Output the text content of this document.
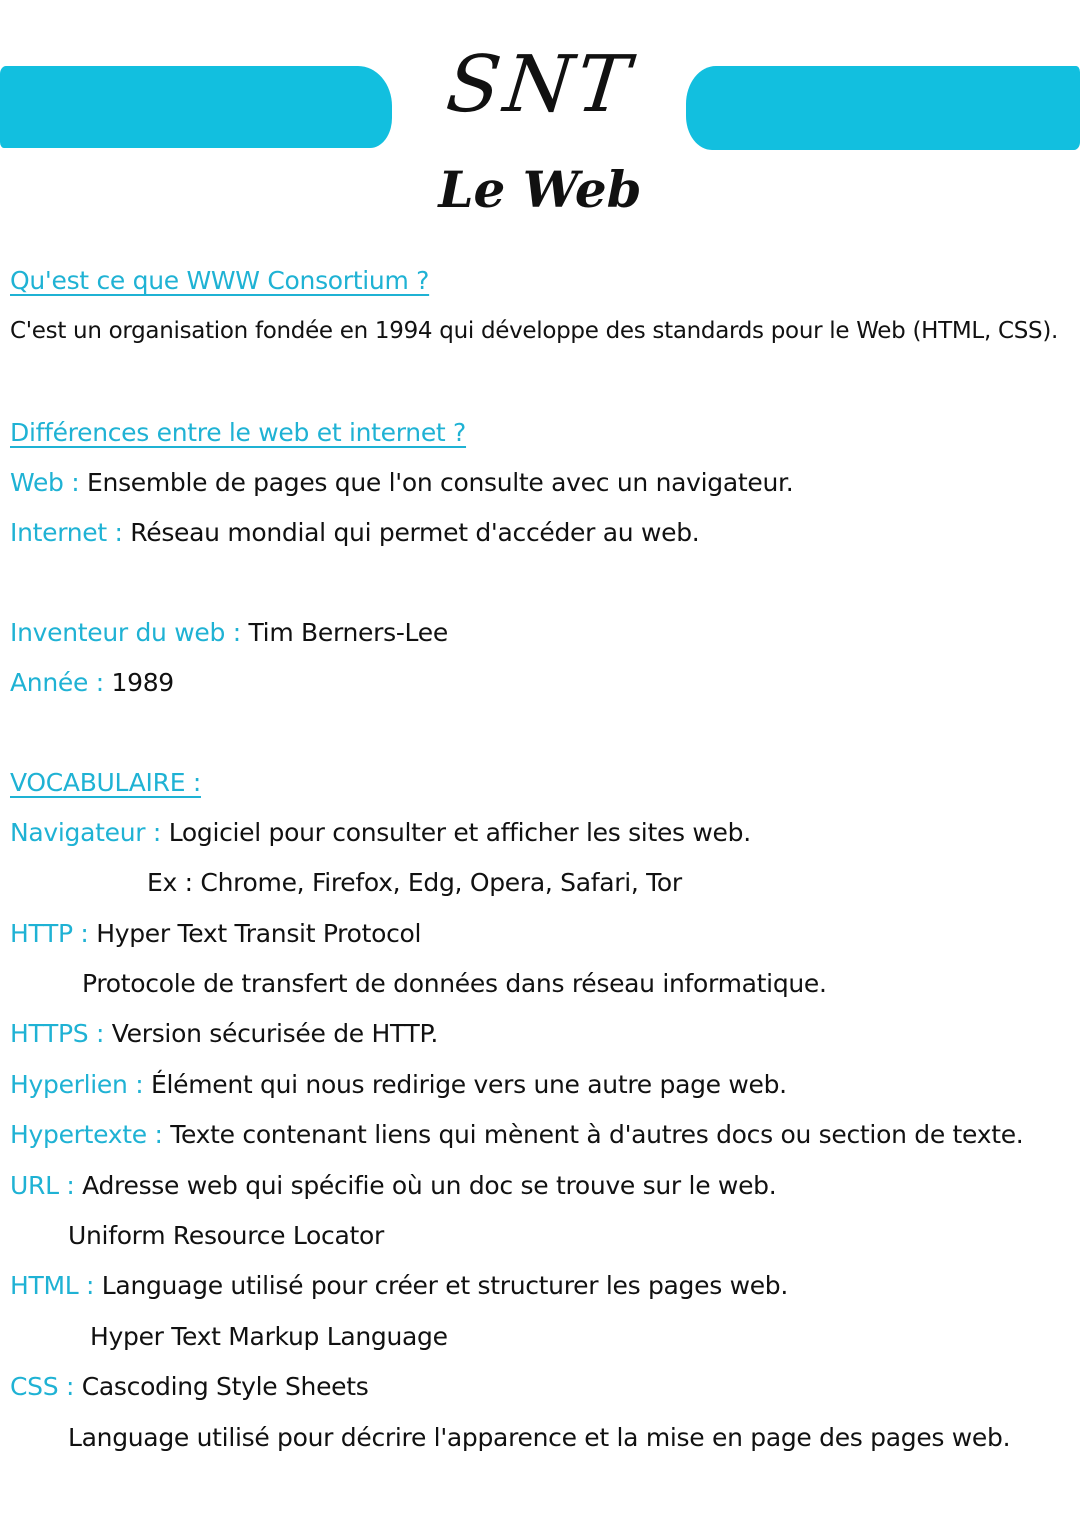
SNT
Le Web

Qu'est ce que WWW Consortium ?

C'est un organisation fondée en 1994 qui développe des standards pour le Web (HTML, CSS).

Différences entre le web et internet ?

Web : Ensemble de pages que l'on consulte avec un navigateur.

Internet : Réseau mondial qui permet d'accéder au web.

Inventeur du web : Tim Berners-Lee

Année : 1989

VOCABULAIRE :

Navigateur : Logiciel pour consulter et afficher les sites web.

Ex : Chrome, Firefox, Edg, Opera, Safari, Tor

HTTP : Hyper Text Transit Protocol

Protocole de transfert de données dans réseau informatique.

HTTPS : Version sécurisée de HTTP.

Hyperlien : Élément qui nous redirige vers une autre page web.

Hypertexte : Texte contenant liens qui mènent à d'autres docs ou section de texte.

URL : Adresse web qui spécifie où un doc se trouve sur le web.

Uniform Resource Locator

HTML : Language utilisé pour créer et structurer les pages web.

Hyper Text Markup Language

CSS : Cascoding Style Sheets

Language utilisé pour décrire l'apparence et la mise en page des pages web.
